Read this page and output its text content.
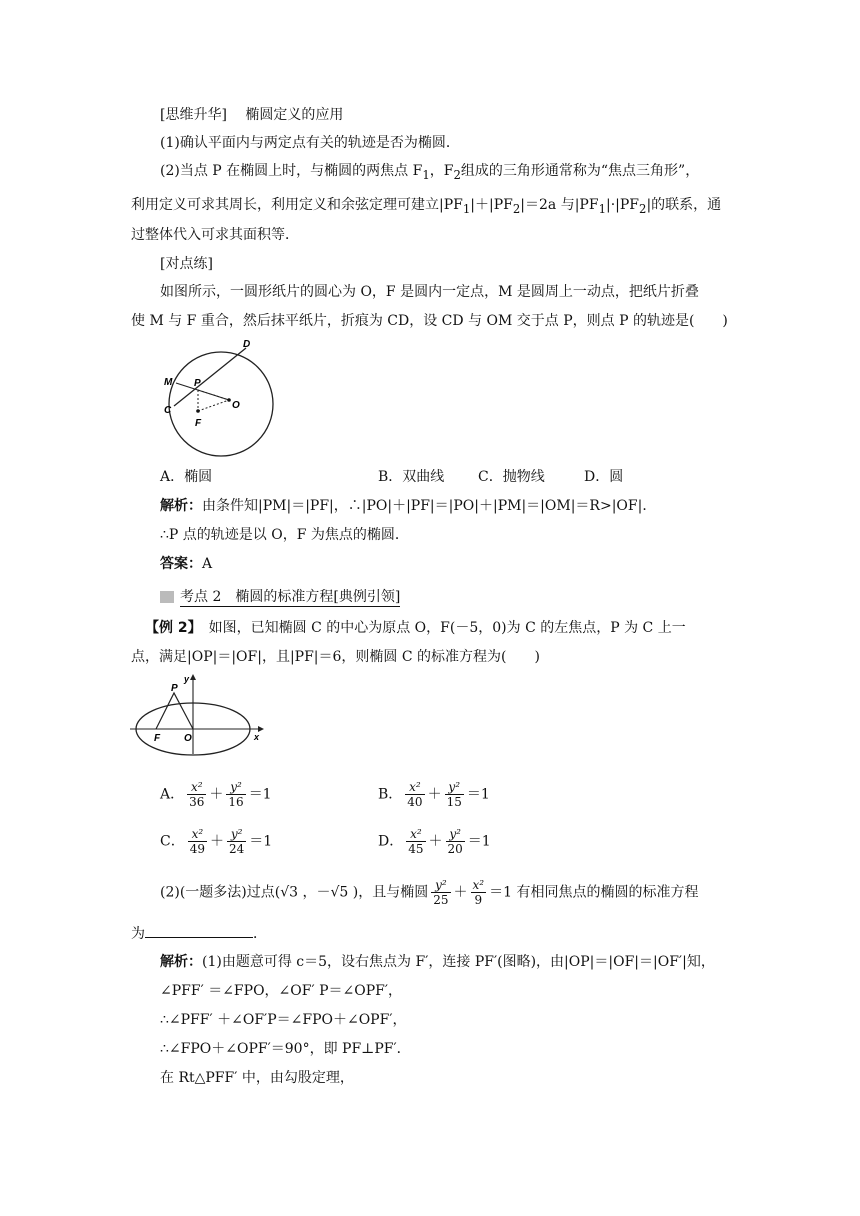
[思维升华]　 椭圆定义的应用
(1)确认平面内与两定点有关的轨迹是否为椭圆．
(2)当点 P 在椭圆上时，与椭圆的两焦点 $F_1$，$F_2$组成的三角形通常称为“焦点三角形”，
利用定义可求其周长，利用定义和余弦定理可建立$|PF_1|+|PF_2|=2a$ 与$|PF_1|\cdot|PF_2|$的联系，通
过整体代入可求其面积等．
[对点练]
如图所示，一圆形纸片的圆心为 O，F 是圆内一定点，M 是圆周上一动点，把纸片折叠
使 M 与 F 重合，然后抹平纸片，折痕为 CD，设 CD 与 OM 交于点 P，则点 P 的轨迹是(　　)
D
M P
O
C
F
A．椭圆	B．双曲线 C．抛物线	D．圆
解析：由条件知|PM|＝|PF|，∴|PO|＋|PF|＝|PO|＋|PM|＝|OM|＝R>|OF|．
∴P 点的轨迹是以 O，F 为焦点的椭圆．
答案：A
考点 2　椭圆的标准方程[典例引领]
【例 2】　 如图，已知椭圆 C 的中心为原点 O，F(－5，0)为 C 的左焦点，P 为 C 上一
点，满足|OP|＝|OF|，且|PF|＝6，则椭圆 C 的标准方程为(　　)
y
P
F O	x
A． $\frac{\text{x²}}{36} + \frac{\text{y²}}{16} =1$	B． $\frac{\text{x²}}{40} + \frac{\text{y²}}{15} =1$
C． $\frac{\text{x²}}{49} + \frac{\text{y²}}{24} =1$	D． $\frac{\text{x²}}{45} + \frac{\text{y²}}{20} =1$
(2)(一题多法)过点(√3 ，－√5 )，且与椭圆 $\frac{\text{y²}}{25} + \frac{\text{x²}}{9} =1$ 有相同焦点的椭圆的标准方程
为	．
解析：(1)由题意可得 c＝5，设右焦点为 F′，连接 PF′(图略)，由|OP|＝|OF|＝|OF′|知，
∠PFF′ ＝∠FPO，∠OF′ P＝∠OPF′，
∴∠PFF′ ＋∠OF′P＝∠FPO＋∠OPF′，
∴∠FPO＋∠OPF′＝90°，即 PF⊥PF′．
在 Rt△PFF′ 中，由勾股定理，
